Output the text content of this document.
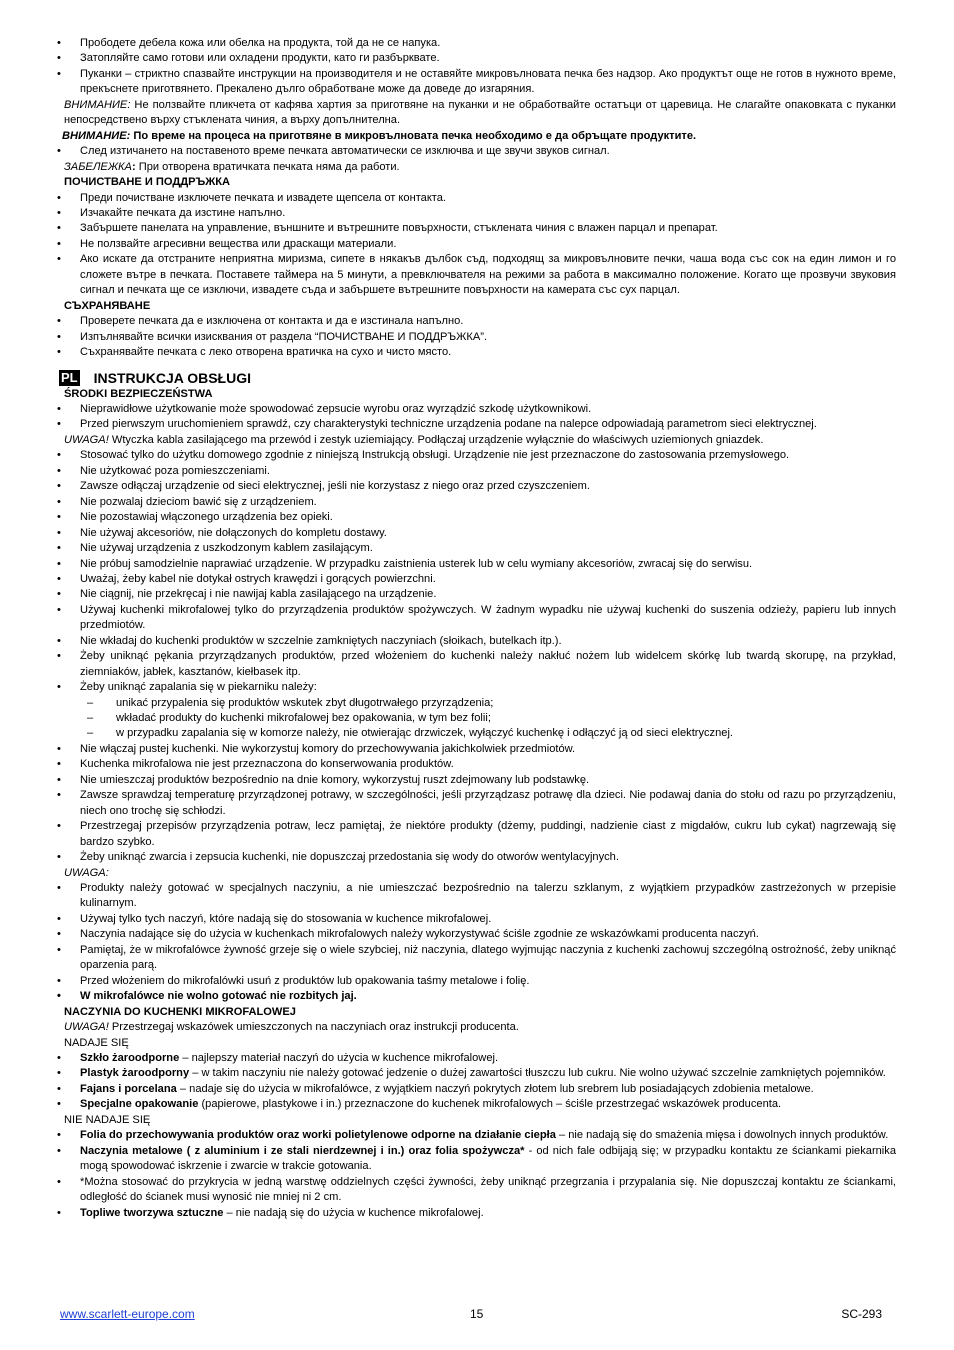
• Прободете дебела кожа или обелка на продукта, той да не се напука.
• Затопляйте само готови или охладени продукти, като ги разбърквате.
• Пуканки – стриктно спазвайте инструкции на производителя и не оставяйте микровълновата печка без надзор. Ако продуктът още не готов в нужното време, прекъснете приготвянето. Прекалено дълго обработване може да доведе до изгаряния.
ВНИМАНИЕ: Не ползвайте пликчета от кафява хартия за приготвяне на пуканки и не обработвайте остатъци от царевица. Не слагайте опаковката с пуканки непосредствено върху стъклената чиния, а върху допълнителна.
ВНИМАНИЕ: По време на процеса на приготвяне в микровълновата печка необходимо е да обръщате продуктите.
• След изтичането на поставеното време печката автоматически се изключва и ще звучи звуков сигнал.
ЗАБЕЛЕЖКА: При отворена вратичката печката няма да работи.
ПОЧИСТВАНЕ И ПОДДРЪЖКА
• Преди почистване изключете печката и извадете щепсела от контакта.
• Изчакайте печката да изстине напълно.
• Забършете панелата на управление, външните и вътрешните повърхности, стъклената чиния с влажен парцал и препарат.
• Не ползвайте агресивни вещества или драскащи материали.
• Ако искате да отстраните неприятна миризма, сипете в някакъв дълбок съд, подходящ за микровълновите печки, чаша вода със сок на един лимон и го сложете вътре в печката. Поставете таймера на 5 минути, а превключвателя на режими за работа в максимално положение. Когато ще прозвучи звуковия сигнал и печката ще се изключи, извадете съда и забършете вътрешните повърхности на камерата със сух парцал.
СЪХРАНЯВАНЕ
• Проверете печката да е изключена от контакта и да е изстинала напълно.
• Изпълнявайте всички изисквания от раздела “ПОЧИСТВАНЕ И ПОДДРЪЖКА”.
• Съхранявайте печката с леко отворена вратичка на сухо и чисто място.
PL INSTRUKCJA OBSŁUGI
ŚRODKI BEZPIECZEŃSTWA
• Nieprawidłowe użytkowanie może spowodować zepsucie wyrobu oraz wyrządzić szkodę użytkownikowi.
• Przed pierwszym uruchomieniem sprawdź, czy charakterystyki techniczne urządzenia podane na nalepce odpowiadają parametrom sieci elektrycznej.
UWAGA! Wtyczka kabla zasilającego ma przewód i zestyk uziemiający. Podłączaj urządzenie wyłącznie do właściwych uziemionych gniazdek.
• Stosować tylko do użytku domowego zgodnie z niniejszą Instrukcją obsługi. Urządzenie nie jest przeznaczone do zastosowania przemysłowego.
• Nie użytkować poza pomieszczeniami.
• Zawsze odłączaj urządzenie od sieci elektrycznej, jeśli nie korzystasz z niego oraz przed czyszczeniem.
• Nie pozwalaj dzieciom bawić się z urządzeniem.
• Nie pozostawiaj włączonego urządzenia bez opieki.
• Nie używaj akcesoriów, nie dołączonych do kompletu dostawy.
• Nie używaj urządzenia z uszkodzonym kablem zasilającym.
• Nie próbuj samodzielnie naprawiać urządzenie. W przypadku zaistnienia usterek lub w celu wymiany akcesoriów, zwracaj się do serwisu.
• Uważaj, żeby kabel nie dotykał ostrych krawędzi i gorących powierzchni.
• Nie ciągnij, nie przekręcaj i nie nawijaj kabla zasilającego na urządzenie.
• Używaj kuchenki mikrofalowej tylko do przyrządzenia produktów spożywczych. W żadnym wypadku nie używaj kuchenki do suszenia odzieży, papieru lub innych przedmiotów.
• Nie wkładaj do kuchenki produktów w szczelnie zamkniętych naczyniach (słoikach, butelkach itp.).
• Żeby uniknąć pękania przyrządzanych produktów, przed włożeniem do kuchenki należy nakłuć nożem lub widelcem skórkę lub twardą skorupę, na przykład, ziemniaków, jabłek, kasztanów, kiełbasek itp.
• Żeby uniknąć zapalania się w piekarniku należy:
– unikać przypalenia się produktów wskutek zbyt długotrwałego przyrządzenia;
– wkładać produkty do kuchenki mikrofalowej bez opakowania, w tym bez folii;
– w przypadku zapalania się w komorze należy, nie otwierając drzwiczek, wyłączyć kuchenkę i odłączyć ją od sieci elektrycznej.
• Nie włączaj pustej kuchenki. Nie wykorzystuj komory do przechowywania jakichkolwiek przedmiotów.
• Kuchenka mikrofalowa nie jest przeznaczona do konserwowania produktów.
• Nie umieszczaj produktów bezpośrednio na dnie komory, wykorzystuj ruszt zdejmowany lub podstawkę.
• Zawsze sprawdzaj temperaturę przyrządzonej potrawy, w szczególności, jeśli przyrządzasz potrawę dla dzieci. Nie podawaj dania do stołu od razu po przyrządzeniu, niech ono trochę się schłodzi.
• Przestrzegaj przepisów przyrządzenia potraw, lecz pamiętaj, że niektóre produkty (dżemy, puddingi, nadzienie ciast z migdałów, cukru lub cykat) nagrzewają się bardzo szybko.
• Żeby uniknąć zwarcia i zepsucia kuchenki, nie dopuszczaj przedostania się wody do otworów wentylacyjnych.
UWAGA:
• Produkty należy gotować w specjalnych naczyniu, a nie umieszczać bezpośrednio na talerzu szklanym, z wyjątkiem przypadków zastrzeżonych w przepisie kulinarnym.
• Używaj tylko tych naczyń, które nadają się do stosowania w kuchence mikrofalowej.
• Naczynia nadające się do użycia w kuchenkach mikrofalowych należy wykorzystywać ściśle zgodnie ze wskazówkami producenta naczyń.
• Pamiętaj, że w mikrofalówce żywność grzeje się o wiele szybciej, niż naczynia, dlatego wyjmując naczynia z kuchenki zachowuj szczególną ostrożność, żeby uniknąć oparzenia parą.
• Przed włożeniem do mikrofalówki usuń z produktów lub opakowania taśmy metalowe i folię.
• W mikrofalówce nie wolno gotować nie rozbitych jaj.
NACZYNIA DO KUCHENKI MIKROFALOWEJ
UWAGA! Przestrzegaj wskazówek umieszczonych na naczyniach oraz instrukcji producenta.
NADAJE SIĘ
• Szkło żaroodporne – najlepszy materiał naczyń do użycia w kuchence mikrofalowej.
• Plastyk żaroodporny – w takim naczyniu nie należy gotować jedzenie o dużej zawartości tłuszczu lub cukru. Nie wolno używać szczelnie zamkniętych pojemników.
• Fajans i porcelana – nadaje się do użycia w mikrofalówce, z wyjątkiem naczyń pokrytych złotem lub srebrem lub posiadających zdobienia metalowe.
• Specjalne opakowanie (papierowe, plastykowe i in.) przeznaczone do kuchenek mikrofalowych – ściśle przestrzegać wskazówek producenta.
NIE NADAJE SIĘ
• Folia do przechowywania produktów oraz worki polietylenowe odporne na działanie ciepła – nie nadają się do smażenia mięsa i dowolnych innych produktów.
• Naczynia metalowe ( z aluminium i ze stali nierdzewnej i in.) oraz folia spożywcza* - od nich fale odbijają się; w przypadku kontaktu ze ściankami piekarnika mogą spowodować iskrzenie i zwarcie w trakcie gotowania.
• *Można stosować do przykrycia w jedną warstwę oddzielnych części żywności, żeby uniknąć przegrzania i przypalania się. Nie dopuszczaj kontaktu ze ściankami, odległość do ścianek musi wynosić nie mniej ni 2 cm.
• Topliwe tworzywa sztuczne – nie nadają się do użycia w kuchence mikrofalowej.
www.scarlett-europe.com	15	SC-293
